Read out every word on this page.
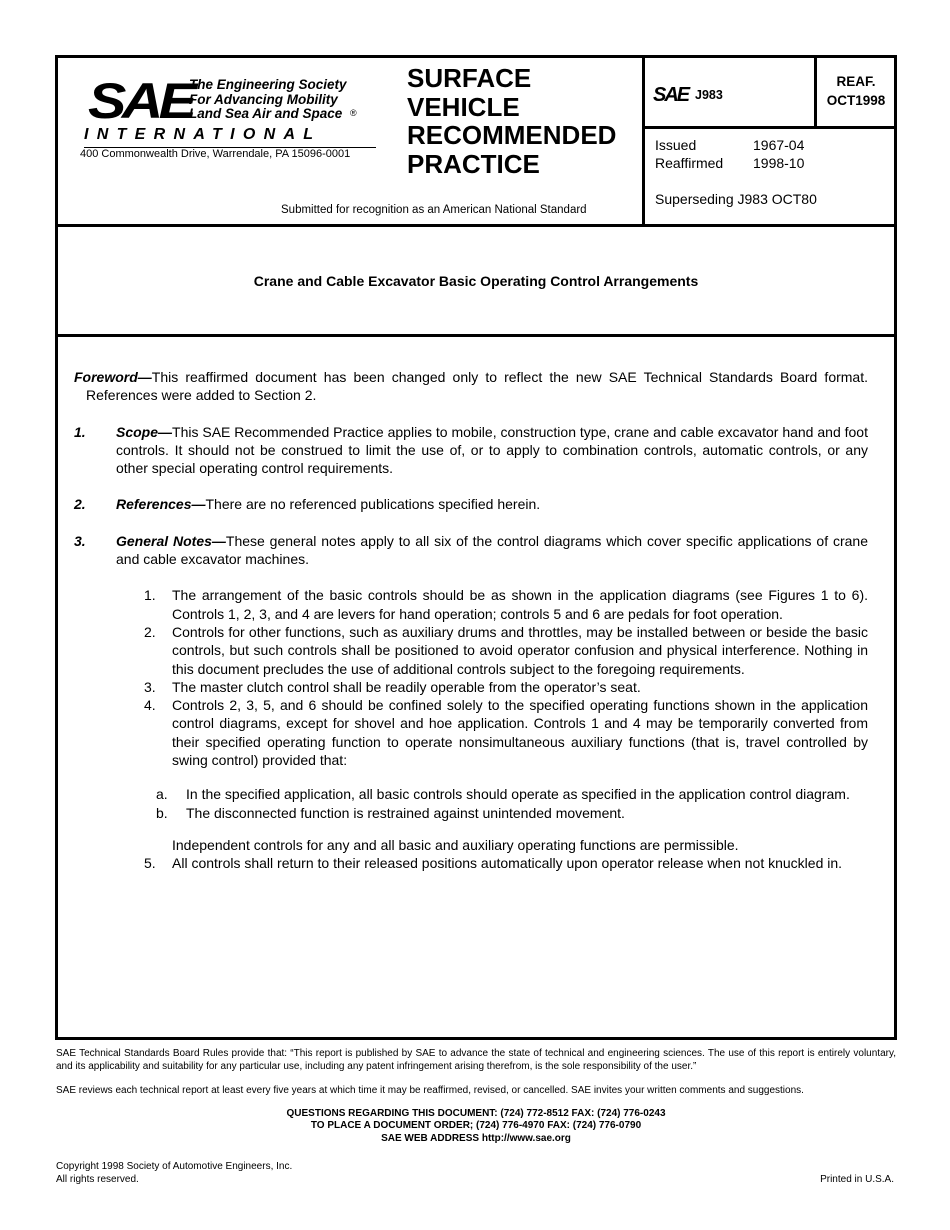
SAE
The Engineering Society
For Advancing Mobility
Land Sea Air and Space ®
INTERNATIONAL
400 Commonwealth Drive, Warrendale, PA 15096-0001
SURFACE
VEHICLE
RECOMMENDED
PRACTICE
Submitted for recognition as an American National Standard
SAE J983
REAF.
OCT1998
Issued	1967-04
Reaffirmed	1998-10
Superseding J983 OCT80
Crane and Cable Excavator Basic Operating Control Arrangements
Foreword—This reaffirmed document has been changed only to reflect the new SAE Technical Standards Board format. References were added to Section 2.
1. Scope—This SAE Recommended Practice applies to mobile, construction type, crane and cable excavator hand and foot controls. It should not be construed to limit the use of, or to apply to combination controls, automatic controls, or any other special operating control requirements.
2. References—There are no referenced publications specified herein.
3. General Notes—These general notes apply to all six of the control diagrams which cover specific applications of crane and cable excavator machines.
1. The arrangement of the basic controls should be as shown in the application diagrams (see Figures 1 to 6). Controls 1, 2, 3, and 4 are levers for hand operation; controls 5 and 6 are pedals for foot operation.
2. Controls for other functions, such as auxiliary drums and throttles, may be installed between or beside the basic controls, but such controls shall be positioned to avoid operator confusion and physical interference. Nothing in this document precludes the use of additional controls subject to the foregoing requirements.
3. The master clutch control shall be readily operable from the operator’s seat.
4. Controls 2, 3, 5, and 6 should be confined solely to the specified operating functions shown in the application control diagrams, except for shovel and hoe application. Controls 1 and 4 may be temporarily converted from their specified operating function to operate nonsimultaneous auxiliary functions (that is, travel controlled by swing control) provided that:
a. In the specified application, all basic controls should operate as specified in the application control diagram.
b. The disconnected function is restrained against unintended movement.
Independent controls for any and all basic and auxiliary operating functions are permissible.
5. All controls shall return to their released positions automatically upon operator release when not knuckled in.

SAE Technical Standards Board Rules provide that: “This report is published by SAE to advance the state of technical and engineering sciences. The use of this report is entirely voluntary, and its applicability and suitability for any particular use, including any patent infringement arising therefrom, is the sole responsibility of the user.”

SAE reviews each technical report at least every five years at which time it may be reaffirmed, revised, or cancelled. SAE invites your written comments and suggestions.

QUESTIONS REGARDING THIS DOCUMENT: (724) 772-8512 FAX: (724) 776-0243

TO PLACE A DOCUMENT ORDER; (724) 776-4970 FAX: (724) 776-0790

SAE WEB ADDRESS http://www.sae.org

Copyright 1998 Society of Automotive Engineers, Inc.
All rights reserved.	Printed in U.S.A.
